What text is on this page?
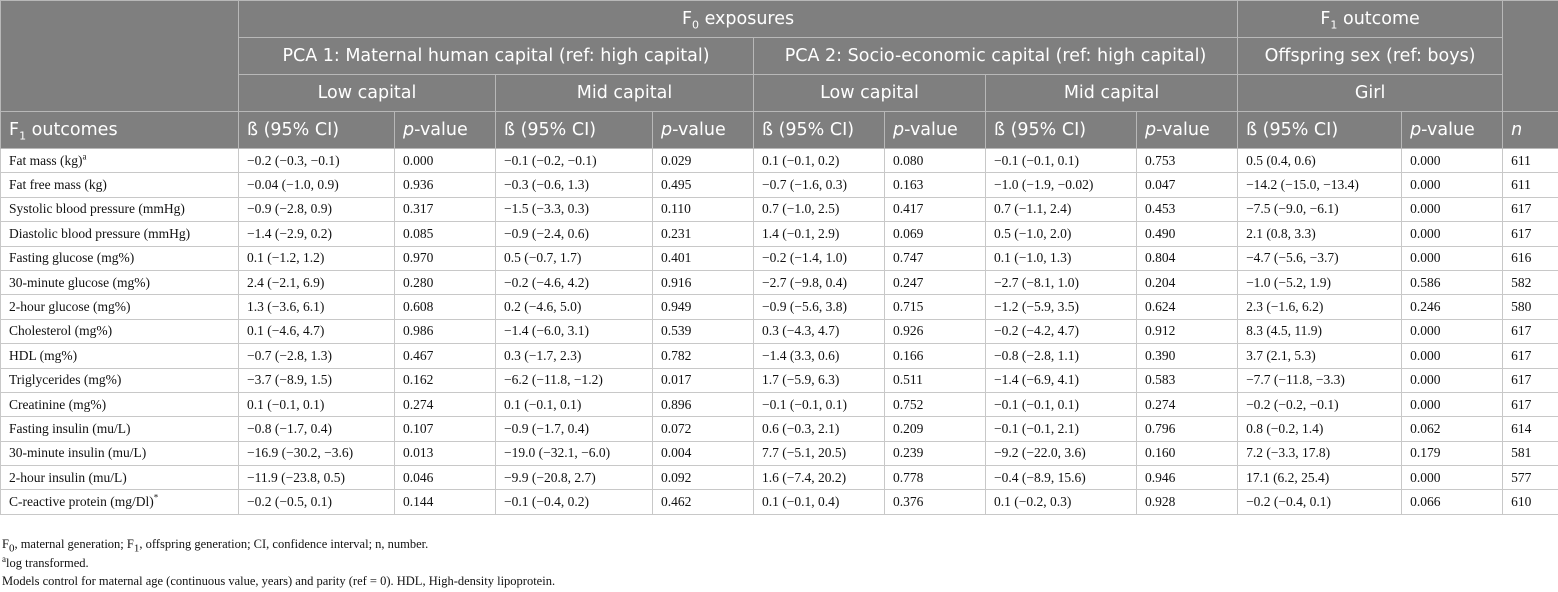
	$F_0$ exposures								$F_1$ outcome		
	PCA 1: Maternal human capital (ref: high capital)				PCA 2: Socio-economic capital (ref: high capital)				Offspring sex (ref: boys)		
	Low capital		Mid capital		Low capital		Mid capital		Girl		
$F_1$ outcomes	ß (95% CI)	p-value	ß (95% CI)	p-value	ß (95% CI)	p-value	ß (95% CI)	p-value	ß (95% CI)	p-value	n
Fat mass (kg)$^a$	−0.2 (−0.3, −0.1)	0.000	−0.1 (−0.2, −0.1)	0.029	0.1 (−0.1, 0.2)	0.080	−0.1 (−0.1, 0.1)	0.753	0.5 (0.4, 0.6)	0.000	611
Fat free mass (kg)	−0.04 (−1.0, 0.9)	0.936	−0.3 (−0.6, 1.3)	0.495	−0.7 (−1.6, 0.3)	0.163	−1.0 (−1.9, −0.02)	0.047	−14.2 (−15.0, −13.4)	0.000	611
Systolic blood pressure (mmHg)	−0.9 (−2.8, 0.9)	0.317	−1.5 (−3.3, 0.3)	0.110	0.7 (−1.0, 2.5)	0.417	0.7 (−1.1, 2.4)	0.453	−7.5 (−9.0, −6.1)	0.000	617
Diastolic blood pressure (mmHg)	−1.4 (−2.9, 0.2)	0.085	−0.9 (−2.4, 0.6)	0.231	1.4 (−0.1, 2.9)	0.069	0.5 (−1.0, 2.0)	0.490	2.1 (0.8, 3.3)	0.000	617
Fasting glucose (mg%)	0.1 (−1.2, 1.2)	0.970	0.5 (−0.7, 1.7)	0.401	−0.2 (−1.4, 1.0)	0.747	0.1 (−1.0, 1.3)	0.804	−4.7 (−5.6, −3.7)	0.000	616
30-minute glucose (mg%)	2.4 (−2.1, 6.9)	0.280	−0.2 (−4.6, 4.2)	0.916	−2.7 (−9.8, 0.4)	0.247	−2.7 (−8.1, 1.0)	0.204	−1.0 (−5.2, 1.9)	0.586	582
2-hour glucose (mg%)	1.3 (−3.6, 6.1)	0.608	0.2 (−4.6, 5.0)	0.949	−0.9 (−5.6, 3.8)	0.715	−1.2 (−5.9, 3.5)	0.624	2.3 (−1.6, 6.2)	0.246	580
Cholesterol (mg%)	0.1 (−4.6, 4.7)	0.986	−1.4 (−6.0, 3.1)	0.539	0.3 (−4.3, 4.7)	0.926	−0.2 (−4.2, 4.7)	0.912	8.3 (4.5, 11.9)	0.000	617
HDL (mg%)	−0.7 (−2.8, 1.3)	0.467	0.3 (−1.7, 2.3)	0.782	−1.4 (3.3, 0.6)	0.166	−0.8 (−2.8, 1.1)	0.390	3.7 (2.1, 5.3)	0.000	617
Triglycerides (mg%)	−3.7 (−8.9, 1.5)	0.162	−6.2 (−11.8, −1.2)	0.017	1.7 (−5.9, 6.3)	0.511	−1.4 (−6.9, 4.1)	0.583	−7.7 (−11.8, −3.3)	0.000	617
Creatinine (mg%)	0.1 (−0.1, 0.1)	0.274	0.1 (−0.1, 0.1)	0.896	−0.1 (−0.1, 0.1)	0.752	−0.1 (−0.1, 0.1)	0.274	−0.2 (−0.2, −0.1)	0.000	617
Fasting insulin (mu/L)	−0.8 (−1.7, 0.4)	0.107	−0.9 (−1.7, 0.4)	0.072	0.6 (−0.3, 2.1)	0.209	−0.1 (−0.1, 2.1)	0.796	0.8 (−0.2, 1.4)	0.062	614
30-minute insulin (mu/L)	−16.9 (−30.2, −3.6)	0.013	−19.0 (−32.1, −6.0)	0.004	7.7 (−5.1, 20.5)	0.239	−9.2 (−22.0, 3.6)	0.160	7.2 (−3.3, 17.8)	0.179	581
2-hour insulin (mu/L)	−11.9 (−23.8, 0.5)	0.046	−9.9 (−20.8, 2.7)	0.092	1.6 (−7.4, 20.2)	0.778	−0.4 (−8.9, 15.6)	0.946	17.1 (6.2, 25.4)	0.000	577
C-reactive protein (mg/Dl)*	−0.2 (−0.5, 0.1)	0.144	−0.1 (−0.4, 0.2)	0.462	0.1 (−0.1, 0.4)	0.376	0.1 (−0.2, 0.3)	0.928	−0.2 (−0.4, 0.1)	0.066	610
$F_0$, maternal generation; $F_1$, offspring generation; CI, confidence interval; n, number.
$^a$log transformed.
Models control for maternal age (continuous value, years) and parity (ref = 0). HDL, High-density lipoprotein.
